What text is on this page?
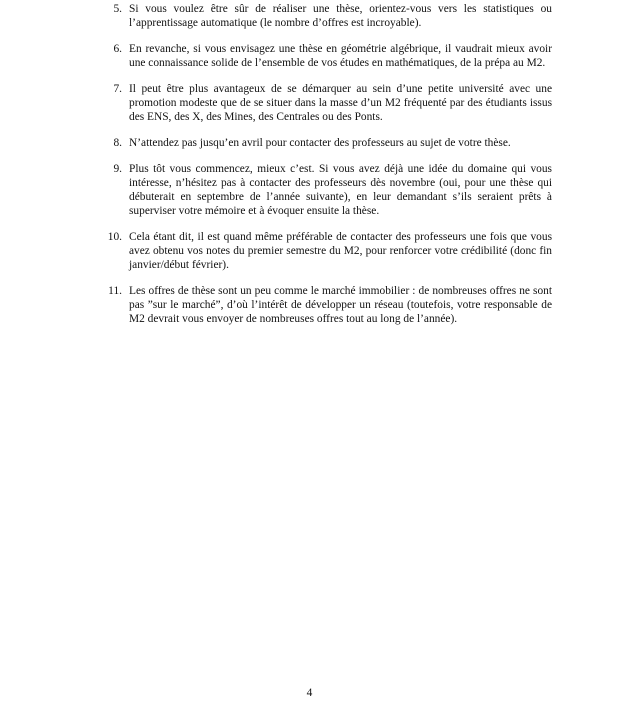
5. Si vous voulez être sûr de réaliser une thèse, orientez-vous vers les statistiques ou l’apprentissage automatique (le nombre d’offres est incroyable).
6. En revanche, si vous envisagez une thèse en géométrie algébrique, il vaudrait mieux avoir une connaissance solide de l’ensemble de vos études en mathématiques, de la prépa au M2.
7. Il peut être plus avantageux de se démarquer au sein d’une petite université avec une promotion modeste que de se situer dans la masse d’un M2 fréquenté par des étudiants issus des ENS, des X, des Mines, des Centrales ou des Ponts.
8. N’attendez pas jusqu’en avril pour contacter des professeurs au sujet de votre thèse.
9. Plus tôt vous commencez, mieux c’est. Si vous avez déjà une idée du domaine qui vous intéresse, n’hésitez pas à contacter des professeurs dès novembre (oui, pour une thèse qui débuterait en septembre de l’année suivante), en leur demandant s’ils seraient prêts à superviser votre mémoire et à évoquer ensuite la thèse.
10. Cela étant dit, il est quand même préférable de contacter des professeurs une fois que vous avez obtenu vos notes du premier semestre du M2, pour renforcer votre crédibilité (donc fin janvier/début février).
11. Les offres de thèse sont un peu comme le marché immobilier : de nombreuses offres ne sont pas ”sur le marché”, d’où l’intérêt de développer un réseau (toutefois, votre responsable de M2 devrait vous envoyer de nombreuses offres tout au long de l’année).
4
